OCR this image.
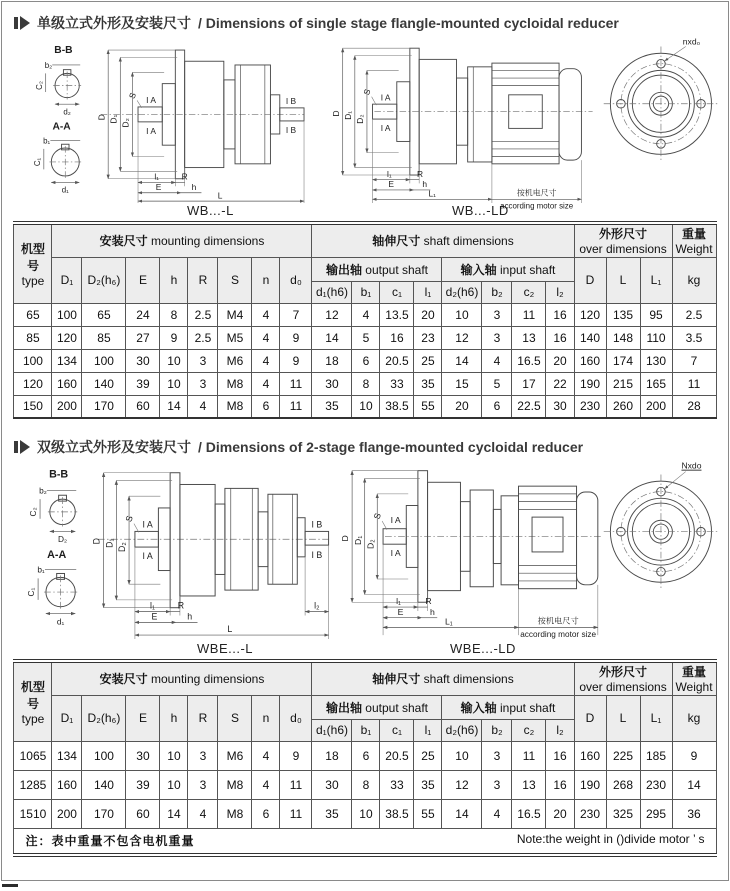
单级立式外形及安装尺寸 / Dimensions of single stage flangle-mounted cycloidal reducer
B-B
b₂
C₂
d₂
A-A
b₁
C₁
d₁
D D₁ D₂
S I A
I A
I B
I B
l₁	R
E	h
L
D D₁ D₂
S
I A
I A
l₁	R
E	h
L₁	按机电尺寸
according motor size
nxd₀
WB...-L	WB...-LD
机型号
type	安装尺寸 mounting dimensions								轴伸尺寸 shaft dimensions								外形尺寸
over dimensions			重量
Weight
	D₁	D₂(h₆)	E	h	R	S	n	d₀	输出轴 output shaft				输入轴 input shaft				D	L	L₁	kg
									d₁(h6)	b₁	c₁	l₁	d₂(h6)	b₂	c₂	l₂				
65	100	65	24	8	2.5	M4	4	7	12	4	13.5	20	10	3	11	16	120	135	95	2.5
85	120	85	27	9	2.5	M5	4	9	14	5	16	23	12	3	13	16	140	148	110	3.5
100	134	100	30	10	3	M6	4	9	18	6	20.5	25	14	4	16.5	20	160	174	130	7
120	160	140	39	10	3	M8	4	11	30	8	33	35	15	5	17	22	190	215	165	11
150	200	170	60	14	4	M8	6	11	35	10	38.5	55	20	6	22.5	30	230	260	200	28
双级立式外形及安装尺寸 / Dimensions of 2-stage flange-mounted cycloidal reducer
B-B
b₂
C₂
D₂
A-A
b₁
C₁
d₁
D D₁ D₂
S
I A
I A
I B
I B
l₁	R	l₂
E	h
L
D D₁ D₂
S I A
I A
l₁	R
E	h
L₁	按机电尺寸
according motor size
Nxdo
WBE...-L	WBE...-LD
机型号
type	安装尺寸 mounting dimensions								轴伸尺寸 shaft dimensions								外形尺寸
over dimensions			重量
Weight
	D₁	D₂(h₆)	E	h	R	S	n	d₀	输出轴 output shaft				输入轴 input shaft				D	L	L₁	kg
									d₁(h6)	b₁	c₁	l₁	d₂(h6)	b₂	c₂	l₂				
1065	134	100	30	10	3	M6	4	9	18	6	20.5	25	10	3	11	16	160	225	185	9
1285	160	140	39	10	3	M8	4	11	30	8	33	35	12	3	13	16	190	268	230	14
1510	200	170	60	14	4	M8	6	11	35	10	38.5	55	14	4	16.5	20	230	325	295	36

注：表中重量不包含电机重量 Note:the weight in ()divide motor ’ s																				
